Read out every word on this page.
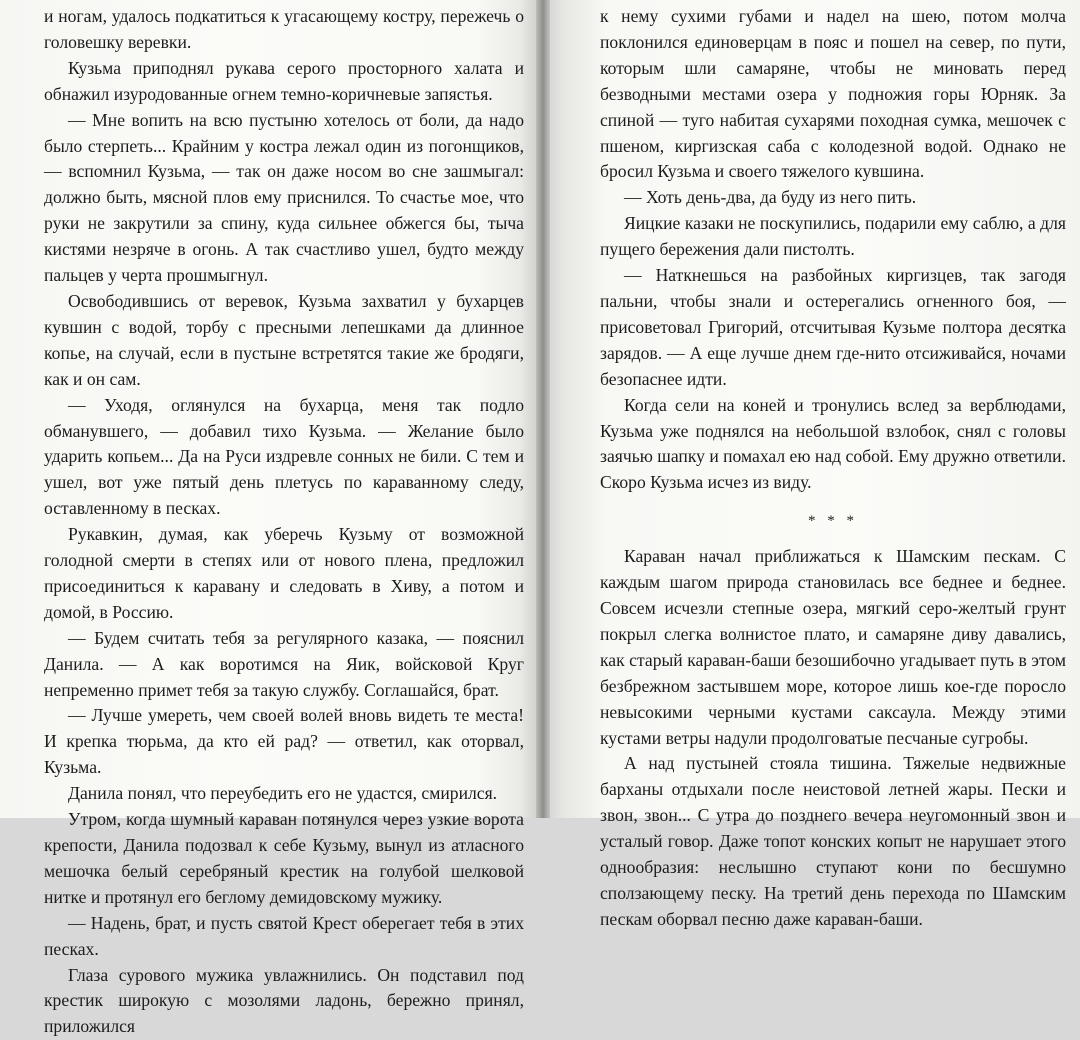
и ногам, удалось подкатиться к угасающему костру, пережечь о головешку веревки.

Кузьма приподнял рукава серого просторного халата и обнажил изуродованные огнем темно-коричневые запястья.

— Мне вопить на всю пустыню хотелось от боли, да надо было стерпеть... Крайним у костра лежал один из погонщиков, — вспомнил Кузьма, — так он даже носом во сне зашмыгал: должно быть, мясной плов ему приснился. То счастье мое, что руки не закрутили за спину, куда сильнее обжегся бы, тыча кистями незряче в огонь. А так счастливо ушел, будто между пальцев у черта прошмыгнул.

Освободившись от веревок, Кузьма захватил у бухарцев кувшин с водой, торбу с пресными лепешками да длинное копье, на случай, если в пустыне встретятся такие же бродяги, как и он сам.

— Уходя, оглянулся на бухарца, меня так подло обманувшего, — добавил тихо Кузьма. — Желание было ударить копьем... Да на Руси издревле сонных не били. С тем и ушел, вот уже пятый день плетусь по караванному следу, оставленному в песках.

Рукавкин, думая, как уберечь Кузьму от возможной голодной смерти в степях или от нового плена, предложил присоединиться к каравану и следовать в Хиву, а потом и домой, в Россию.

— Будем считать тебя за регулярного казака, — пояснил Данила. — А как воротимся на Яик, войсковой Круг непременно примет тебя за такую службу. Соглашайся, брат.

— Лучше умереть, чем своей волей вновь видеть те места! И крепка тюрьма, да кто ей рад? — ответил, как оторвал, Кузьма.

Данила понял, что переубедить его не удастся, смирился.

Утром, когда шумный караван потянулся через узкие ворота крепости, Данила подозвал к себе Кузьму, вынул из атласного мешочка белый серебряный крестик на голубой шелковой нитке и протянул его беглому демидовскому мужику.

— Надень, брат, и пусть святой Крест оберегает тебя в этих песках.

Глаза сурового мужика увлажнились. Он подставил под крестик широкую с мозолями ладонь, бережно принял, приложился

к нему сухими губами и надел на шею, потом молча поклонился единоверцам в пояс и пошел на север, по пути, которым шли самаряне, чтобы не миновать перед безводными местами озера у подножия горы Юрняк. За спиной — туго набитая сухарями походная сумка, мешочек с пшеном, киргизская саба с колодезной водой. Однако не бросил Кузьма и своего тяжелого кувшина.

— Хоть день-два, да буду из него пить.

Яицкие казаки не поскупились, подарили ему саблю, а для пущего бережения дали пистолть.

— Наткнешься на разбойных киргизцев, так загодя пальни, чтобы знали и остерегались огненного боя, — присоветовал Григорий, отсчитывая Кузьме полтора десятка зарядов. — А еще лучше днем где-нито отсиживайся, ночами безопаснее идти.

Когда сели на коней и тронулись вслед за верблюдами, Кузьма уже поднялся на небольшой взлобок, снял с головы заячью шапку и помахал ею над собой. Ему дружно ответили. Скоро Кузьма исчез из виду.

* * *

Караван начал приближаться к Шамским пескам. С каждым шагом природа становилась все беднее и беднее. Совсем исчезли степные озера, мягкий серо-желтый грунт покрыл слегка волнистое плато, и самаряне диву давались, как старый караван-баши безошибочно угадывает путь в этом безбрежном застывшем море, которое лишь кое-где поросло невысокими черными кустами саксаула. Между этими кустами ветры надули продолговатые песчаные сугробы.

А над пустыней стояла тишина. Тяжелые недвижные барханы отдыхали после неистовой летней жары. Пески и звон, звон... С утра до позднего вечера неугомонный звон и усталый говор. Даже топот конских копыт не нарушает этого однообразия: неслышно ступают кони по бесшумно сползающему песку. На третий день перехода по Шамским пескам оборвал песню даже караван-баши.
